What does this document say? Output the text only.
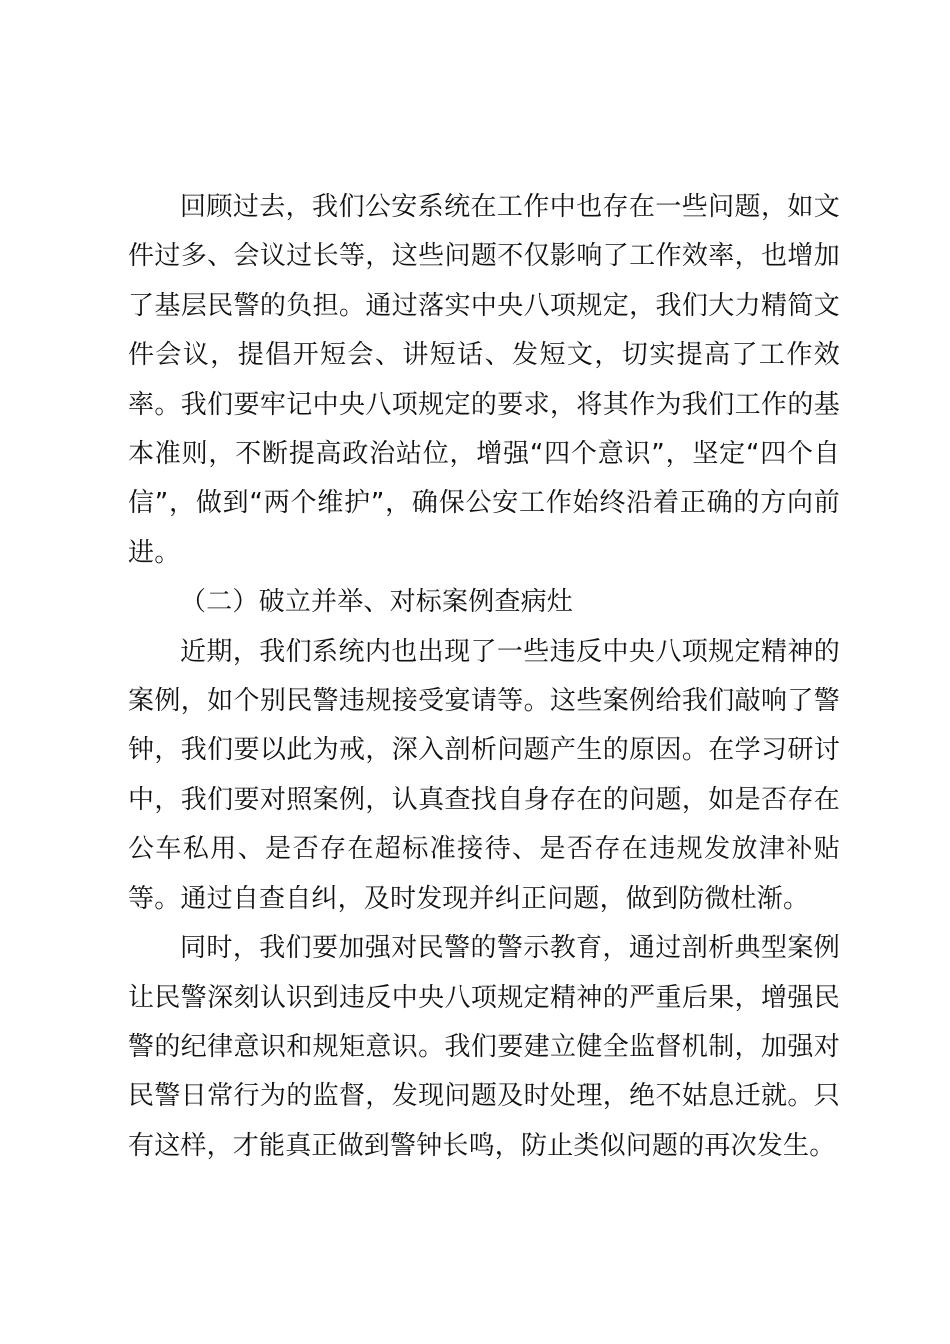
回顾过去，我们公安系统在工作中也存在一些问题，如文件过多、会议过长等，这些问题不仅影响了工作效率，也增加了基层民警的负担。通过落实中央八项规定，我们大力精简文件会议，提倡开短会、讲短话、发短文，切实提高了工作效率。我们要牢记中央八项规定的要求，将其作为我们工作的基本准则，不断提高政治站位，增强“四个意识”，坚定“四个自信”，做到“两个维护”，确保公安工作始终沿着正确的方向前进。

（二）破立并举、对标案例查病灶

近期，我们系统内也出现了一些违反中央八项规定精神的案例，如个别民警违规接受宴请等。这些案例给我们敲响了警钟，我们要以此为戒，深入剖析问题产生的原因。在学习研讨中，我们要对照案例，认真查找自身存在的问题，如是否存在公车私用、是否存在超标准接待、是否存在违规发放津补贴等。通过自查自纠，及时发现并纠正问题，做到防微杜渐。

同时，我们要加强对民警的警示教育，通过剖析典型案例让民警深刻认识到违反中央八项规定精神的严重后果，增强民警的纪律意识和规矩意识。我们要建立健全监督机制，加强对民警日常行为的监督，发现问题及时处理，绝不姑息迁就。只有这样，才能真正做到警钟长鸣，防止类似问题的再次发生。
